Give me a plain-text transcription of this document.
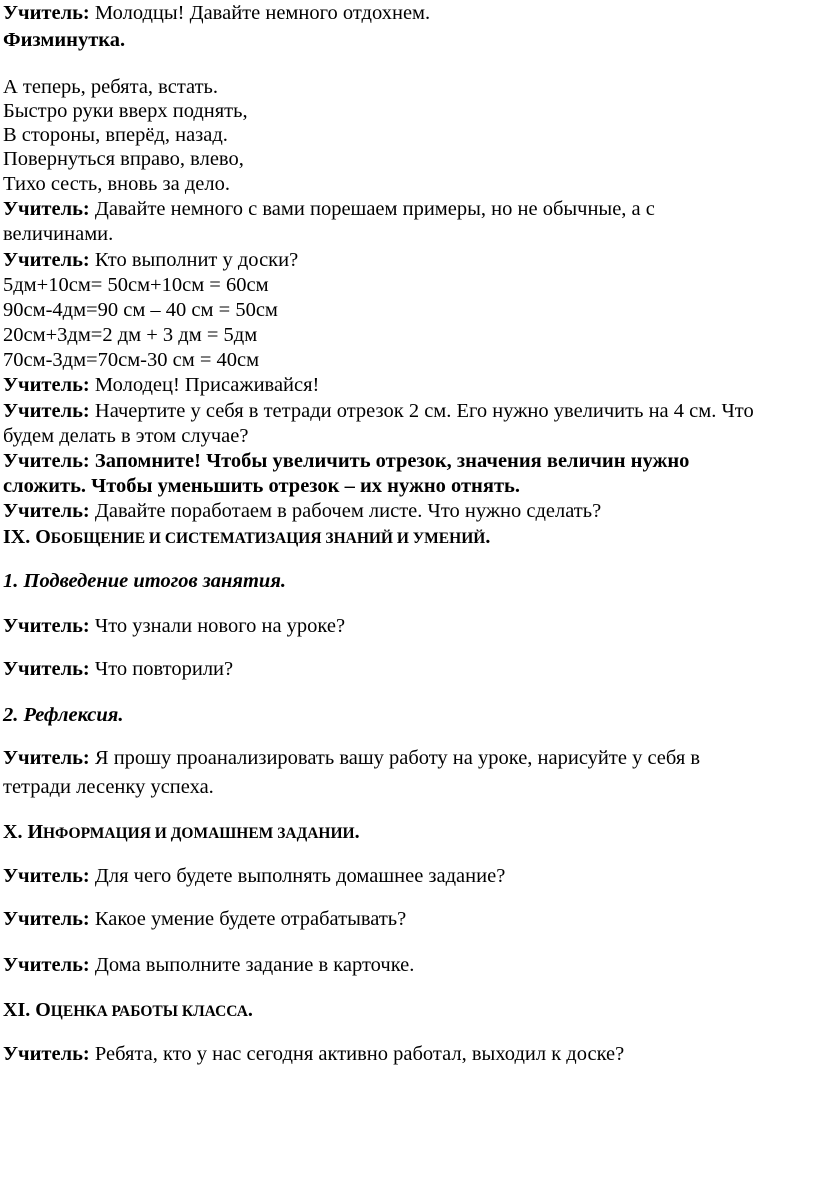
Учитель: Молодцы! Давайте немного отдохнем.
Физминутка.
А теперь, ребята, встать.
Быстро руки вверх поднять,
В стороны, вперёд, назад.
Повернуться вправо, влево,
Тихо сесть, вновь за дело.
Учитель: Давайте немного с вами порешаем примеры, но не обычные, а с
величинами.
Учитель: Кто выполнит у доски?
5дм+10см= 50см+10см = 60см
90см-4дм=90 см – 40 см = 50см
20см+3дм=2 дм + 3 дм = 5дм
70см-3дм=70см-30 см = 40см
Учитель: Молодец! Присаживайся!
Учитель: Начертите у себя в тетради отрезок 2 см. Его нужно увеличить на 4 см. Что
будем делать в этом случае?
Учитель: Запомните! Чтобы увеличить отрезок, значения величин нужно
сложить. Чтобы уменьшить отрезок – их нужно отнять.
Учитель: Давайте поработаем в рабочем листе. Что нужно сделать?
IX. ОБОБЩЕНИЕ И СИСТЕМАТИЗАЦИЯ ЗНАНИЙ И УМЕНИЙ.
1. Подведение итогов занятия.
Учитель: Что узнали нового на уроке?
Учитель: Что повторили?
2. Рефлексия.
Учитель: Я прошу проанализировать вашу работу на уроке, нарисуйте у себя в
тетради лесенку успеха.
X. ИНФОРМАЦИЯ И ДОМАШНЕМ ЗАДАНИИ.
Учитель: Для чего будете выполнять домашнее задание?
Учитель: Какое умение будете отрабатывать?
Учитель: Дома выполните задание в карточке.
XI. ОЦЕНКА РАБОТЫ КЛАССА.
Учитель: Ребята, кто у нас сегодня активно работал, выходил к доске?
